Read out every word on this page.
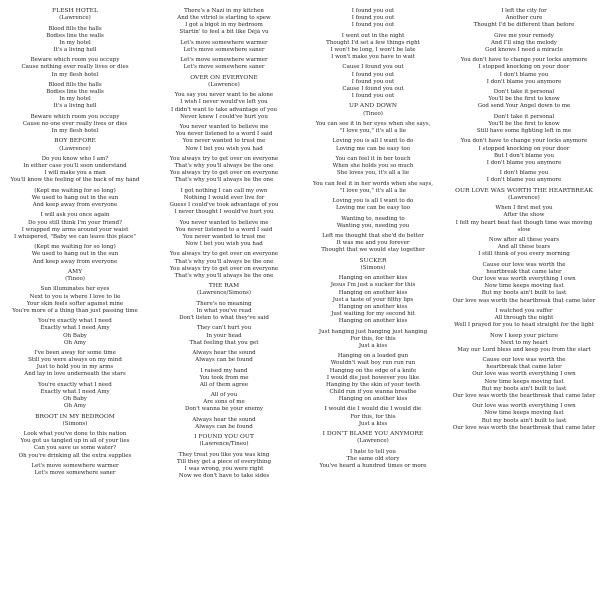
FLESH HOTEL
(Lawrence)
Blood fills the halls
Bodies line the walls
In my hotel
It's a living hell
Beware which room you occupy
Cause nothing ever really lives or dies
In my flesh hotel
Blood fills the halls
Bodies line the walls
In my hotel
It's a living hell
Beware which room you occupy
Cause no one ever really lives or dies
In my flesh hotel
BOY BEFORE
(Lawrence)
Do you know who I am?
In either case you'll soon understand
I will make you a man
You'll know the feeling of the back of my hand
(Kept me waiting for so long)
We used to hang out in the sun
And keep away from everyone
I will ask you once again
Do you still think I'm your friend?
I wrapped my arms around your waist
I whispered, "Baby we can leave this place"
(Kept me waiting for so long)
We used to hang out in the sun
And keep away from everyone
AMY
(Tineo)
Sun illuminates her eyes
Next to you is where I love to lie
Your skin feels softer against mine
You're more of a thing than just passing time
You're exactly what I need
Exactly what I need Amy
Oh Baby
Oh Amy
I've been away for some time
Still you were always on my mind
Just to hold you in my arms
And lay in love underneath the stars
You're exactly what I need
Exactly what I need Amy
Oh Baby
Oh Amy
BROOT IN MY BEDROOM
(Simons)
Look what you've done to this nation
You got us tangled up in all of your lies
Can you save us some water?
Oh you're drinking all the extra supplies
Let's move somewhere warmer
Let's move somewhere saner
There's a Nazi in my kitchen
And the vitriol is starting to spew
I got a bigot in my bedroom
Startin' to feel a bit like Déjà vu
Let's move somewhere warmer
Let's move somewhere saner
Let's move somewhere warmer
Let's move somewhere saner
OVER ON EVERYONE
(Lawrence)
You say you never want to be alone
I wish I never would've left you
I didn't want to take advantage of you
Never knew I could've hurt you
You never wanted to believe me
You never listened to a word I said
You never wanted to trust me
Now I bet you wish you had
You always try to get over on everyone
That's why you'll always be the one
You always try to get over on everyone
That's why you'll always be the one
I got nothing I can call my own
Nothing I would ever live for
Guess I could've took advantage of you
I never thought I would've hurt you
You never wanted to believe me
You never listened to a word I said
You never wanted to trust me
Now I bet you wish you had
You always try to get over on everyone
That's why you'll always be the one
You always try to get over on everyone
That's why you'll always be the one
THE RAM
(Lawrence/Simons)
There's no meaning
In what you've read
Don't listen to what they've said
They can't hurt you
In your head
That feeling that you get
Always hear the sound
Always can be found
I raised my hand
You took from me
All of them agree
All of you
Are sons of me
Don't wanna be your enemy
Always hear the sound
Always can be found
I FOUND YOU OUT
(Lawrence/Tineo)
They treat you like you was king
Till they get a piece of everything
I was wrong, you were right
Now we don't have to take sides
I found you out
I found you out
I found you out
I went out in the night
Thought I'd set a few things right
I won't be long, I won't be late
I won't make you have to wait
Cause I found you out
I found you out
I found you out
Cause I found you out
I found you out
UP AND DOWN
(Tineo)
You can see it in her eyes when she says,
"I love you," it's all a lie
Loving you is all I want to do
Loving me can be easy too
You can feel it in her touch
When she holds you so much
She loves you, it's all a lie
You can feel it in her words when she says,
"I love you," it's all a lie
Loving you is all I want to do
Loving me can be easy too
Wanting to, needing to
Wanting you, needing you
Left me thought that she'd do better
It was me and you forever
Thought that we would stay together
SUCKER
(Simons)
Hanging on another kiss
Jesus I'm just a sucker for this
Hanging on another kiss
Just a taste of your filthy lips
Hanging on another kiss
Just waiting for my second hit
Hanging on another kiss
Just hanging just hanging just hanging
For this, for this
Just a kiss
Hanging on a loaded gun
Wouldn't wait boy run run run
Hanging on the edge of a knife
I would die just however you like
Hanging by the skin of your teeth
Child run if you wanna breathe
Hanging on another kiss
I would die I would die I would die
For this, for this
Just a kiss
I DON'T BLAME YOU ANYMORE
(Lawrence)
I hate to tell you
The same old story
You've heard a hundred times or more
I left the city for
Another cure
Thought I'd be different than before
Give me your remedy
And I'll sing the melody
God knows I need a miracle
You don't have to change your locks anymore
I stopped knocking on your door
I don't blame you
I don't blame you anymore
Don't take it personal
You'll be the first to know
God send Your Angel down to me
Don't take it personal
You'll be the first to know
Still have some fighting left in me
You don't have to change your locks anymore
I stopped knocking on your door
But I don't blame you
I don't blame you anymore
I don't blame you
I don't blame you anymore
OUR LOVE WAS WORTH THE HEARTBREAK
(Lawrence)
When I first met you
After the show
I felt my heart beat fast though time was moving
slow
Now after all these years
And all these tears
I still think of you every morning
Cause our love was worth the
heartbreak that came later
Our love was worth everything I own
Now time keeps moving fast
But my boots ain't built to last
Our love was worth the heartbreak that came later
I watched you suffer
All through the night
Well I prayed for you to head straight for the light
Now I keep your picture
Next to my heart
May our Lord bless and keep you from the start
Cause our love was worth the
heartbreak that came later
Our love was worth everything I own
Now time keeps moving fast
But my boots ain't built to last
Our love was worth the heartbreak that came later
Our love was worth everything I own
Now time keeps moving fast
But my boots ain't built to last
Our love was worth the heartbreak that came later
